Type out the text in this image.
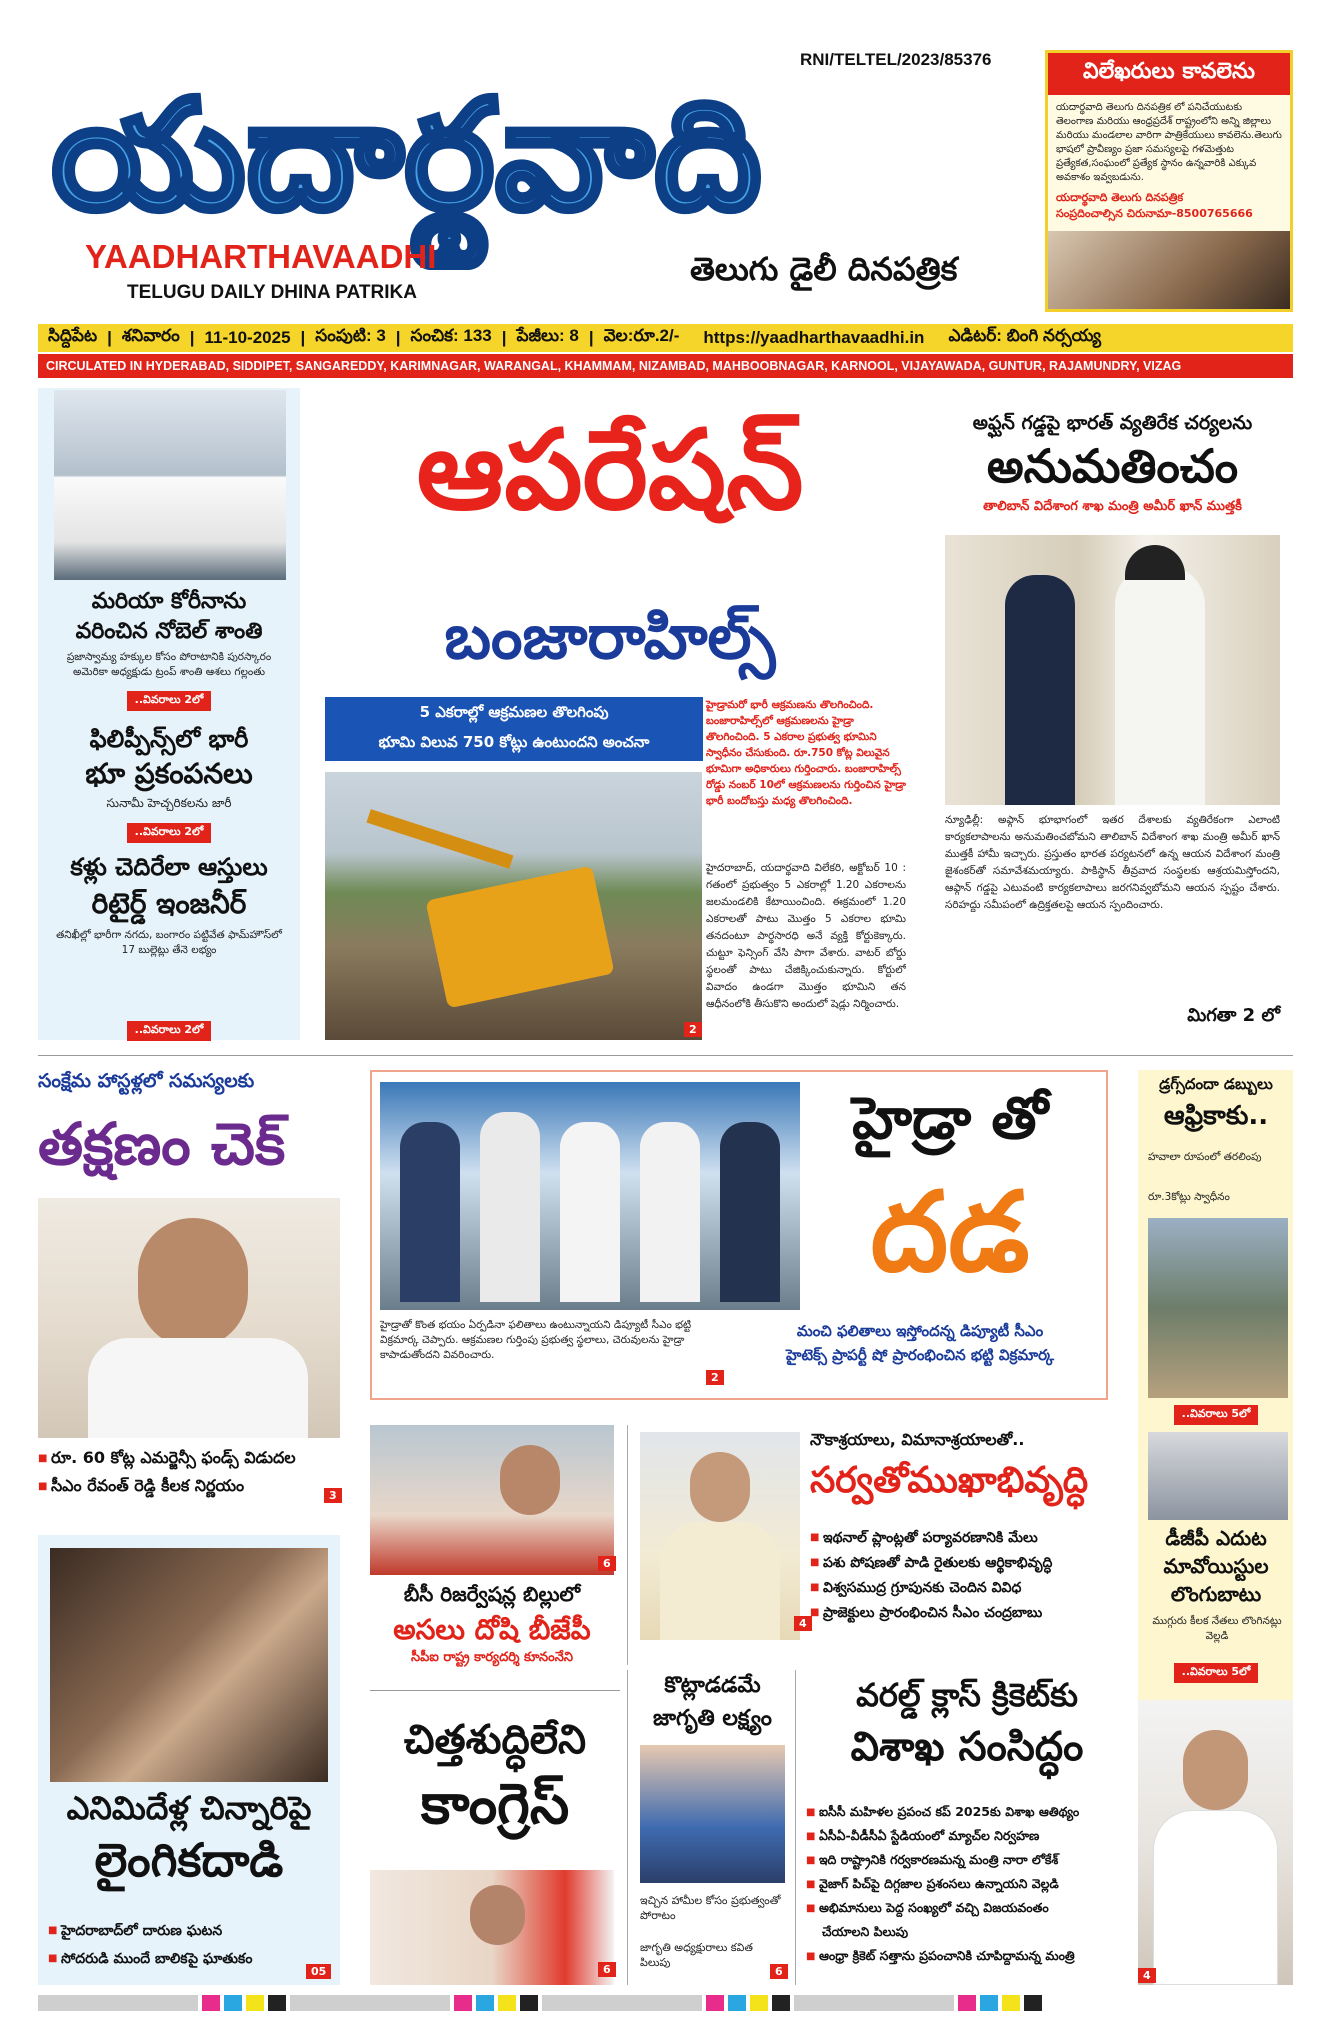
యదార్థవాది
RNI/TELTEL/2023/85376
YAADHARTHAVAADHI
TELUGU DAILY DHINA PATRIKA
తెలుగు డైలీ దినపత్రిక
విలేఖరులు కావలెను
యదార్థవాది తెలుగు దినపత్రిక లో పనిచేయుటకు తెలంగాణ మరియు ఆంధ్రప్రదేశ్ రాష్ట్రంలోని అన్ని జిల్లాలు మరియు మండలాల వారిగా పాత్రికేయులు కావలెను.తెలుగు భాషలో ప్రావీణ్యం ప్రజా సమస్యలపై గళమెత్తుట ప్రత్యేకత,సంఘంలో ప్రత్యేక స్థానం ఉన్నవారికి ఎక్కువ అవకాశం ఇవ్వబడును.
యదార్థవాది తెలుగు దినపత్రిక
సంప్రదించాల్సిన చిరునామా-8500765666
సిద్దిపేట | శనివారం | 11-10-2025 | సంపుటి: 3 | సంచిక: 133 | పేజీలు: 8 | వెల:రూ.2/- https://yaadharthavaadhi.in ఎడిటర్: బింగి నర్సయ్య
CIRCULATED IN HYDERABAD, SIDDIPET, SANGAREDDY, KARIMNAGAR, WARANGAL, KHAMMAM, NIZAMBAD, MAHBOOBNAGAR, KARNOOL, VIJAYAWADA, GUNTUR, RAJAMUNDRY, VIZAG
మరియా కోరీనాను
వరించిన నోబెల్ శాంతి
ప్రజాస్వామ్య హక్కుల కోసం పోరాటానికి పురస్కారం అమెరికా అధ్యక్షుడు ట్రంప్ శాంతి ఆశలు గల్లంతు
..వివరాలు 2లో
ఫిలిప్పీన్స్‌లో భారీ
భూ ప్రకంపనలు
సునామీ హెచ్చరికలను జారీ
..వివరాలు 2లో
కళ్లు చెదిరేలా ఆస్తులు
రిటైర్డ్ ఇంజనీర్
తనిఖీల్లో భారీగా నగదు, బంగారం పట్టివేత ఫామ్‌హౌస్‌లో 17 బుల్లెట్లు తేనె లభ్యం
..వివరాలు 2లో
ఆపరేషన్
బంజారాహిల్స్
5 ఎకరాల్లో ఆక్రమణల తొలగింపు
భూమి విలువ 750 కోట్లు ఉంటుందని అంచనా
హైడ్రామరో భారీ ఆక్రమణను తొలగించింది. బంజారాహిల్స్‌లో ఆక్రమణలను హైడ్రా తొలగించింది. 5 ఎకరాల ప్రభుత్వ భూమిని స్వాధీనం చేసుకుంది. రూ.750 కోట్ల విలువైన భూమిగా అధికారులు గుర్తించారు. బంజారాహిల్స్ రోడ్డు నంబర్ 10లో ఆక్రమణలను గుర్తించిన హైడ్రా భారీ బందోబస్తు మధ్య తొలగించింది.
హైదరాబాద్, యదార్థవాది విలేకరి, అక్టోబర్ 10 : గతంలో ప్రభుత్వం 5 ఎకరాల్లో 1.20 ఎకరాలను జలమండలికి కేటాయించింది. ఈక్రమంలో 1.20 ఎకరాలతో పాటు మొత్తం 5 ఎకరాల భూమి తనదంటూ పార్థసారధి అనే వ్యక్తి కోర్టుకెక్కారు. చుట్టూ ఫెన్సింగ్ వేసి పాగా వేశారు. వాటర్ బోర్డు స్థలంతో పాటు చేజిక్కించుకున్నారు. కోర్టులో వివాదం ఉండగా మొత్తం భూమిని తన ఆధీనంలోకి తీసుకొని అందులో షెడ్లు నిర్మించారు.
2
అఫ్ఘన్ గడ్డపై భారత్ వ్యతిరేక చర్యలను
అనుమతించం
తాలిబాన్ విదేశాంగ శాఖ మంత్రి అమీర్ ఖాన్ ముత్తకీ
న్యూఢిల్లీ: అఫ్గాన్ భూభాగంలో ఇతర దేశాలకు వ్యతిరేకంగా ఎలాంటి కార్యకలాపాలను అనుమతించబోమని తాలిబాన్ విదేశాంగ శాఖ మంత్రి అమీర్ ఖాన్ ముత్తకీ హామీ ఇచ్చారు. ప్రస్తుతం భారత పర్యటనలో ఉన్న ఆయన విదేశాంగ మంత్రి జైశంకర్‌తో సమావేశమయ్యారు. పాకిస్థాన్ తీవ్రవాద సంస్థలకు ఆశ్రయమిస్తోందని, ఆఫ్గాన్ గడ్డపై ఎటువంటి కార్యకలాపాలు జరగనివ్వబోమని ఆయన స్పష్టం చేశారు. సరిహద్దు సమీపంలో ఉద్రిక్తతలపై ఆయన స్పందించారు.
మిగతా 2 లో
సంక్షేమ హాస్టళ్లలో సమస్యలకు
తక్షణం చెక్
■ రూ. 60 కోట్ల ఎమర్జెన్సీ ఫండ్స్ విడుదల
■ సీఎం రేవంత్ రెడ్డి కీలక నిర్ణయం
3
హైడ్రా తో
దడ
హైడ్రాతో కొంత భయం ఏర్పడినా ఫలితాలు ఉంటున్నాయని డిప్యూటీ సీఎం భట్టి విక్రమార్క చెప్పారు. ఆక్రమణల గుర్తింపు ప్రభుత్వ స్థలాలు, చెరువులను హైడ్రా కాపాడుతోందని వివరించారు.
మంచి ఫలితాలు ఇస్తోందన్న డిప్యూటీ సీఎం
హైటెక్స్ ప్రాపర్టీ షో ప్రారంభించిన భట్టి విక్రమార్క
2
డ్రగ్స్‌దందా డబ్బులు
ఆఫ్రికాకు..
హవాలా రూపంలో తరలింపు
రూ.3కోట్లు స్వాధీనం
..వివరాలు 5లో
డీజీపీ ఎదుట
మావోయిస్టుల
లొంగుబాటు
ముగ్గురు కీలక నేతలు లొంగినట్లు వెల్లడి
..వివరాలు 5లో
4
6
బీసీ రిజర్వేషన్ల బిల్లులో
అసలు దోషి బీజేపీ
సీపీఐ రాష్ట్ర కార్యదర్శి కూనంనేని
4
నౌకాశ్రయాలు, విమానాశ్రయాలతో..
సర్వతోముఖాభివృద్ధి
■ ఇథనాల్ ప్లాంట్లతో పర్యావరణానికి మేలు
■ పశు పోషణతో పాడి రైతులకు ఆర్థికాభివృద్ధి
■ విశ్వసముద్ర గ్రూపునకు చెందిన వివిధ
■ ప్రాజెక్టులు ప్రారంభించిన సీఎం చంద్రబాబు
ఎనిమిదేళ్ల చిన్నారిపై
లైంగికదాడి
■ హైదరాబాద్‌లో దారుణ ఘటన
■ సోదరుడి ముందే బాలికపై ఘాతుకం
05
చిత్తశుద్ధిలేని
కాంగ్రెస్
6
కొట్లాడడమే
జాగృతి లక్ష్యం
ఇచ్చిన హామీల కోసం ప్రభుత్వంతో పోరాటం
జాగృతి అధ్యక్షురాలు కవిత పిలుపు
6
వరల్డ్ క్లాస్ క్రికెట్‌కు
విశాఖ సంసిద్ధం
■ ఐసీసీ మహిళల ప్రపంచ కప్ 2025కు విశాఖ ఆతిథ్యం
■ ఏసీఏ-వీడీసీఏ స్టేడియంలో మ్యాచ్‌ల నిర్వహణ
■ ఇది రాష్ట్రానికి గర్వకారణమన్న మంత్రి నారా లోకేశ్
■ వైజాగ్ పిచ్‌పై దిగ్గజాల ప్రశంసలు ఉన్నాయని వెల్లడి
■ అభిమానులు పెద్ద సంఖ్యలో వచ్చి విజయవంతం
చేయాలని పిలుపు
■ ఆంధ్రా క్రికెట్ సత్తాను ప్రపంచానికి చూపిద్దామన్న మంత్రి
